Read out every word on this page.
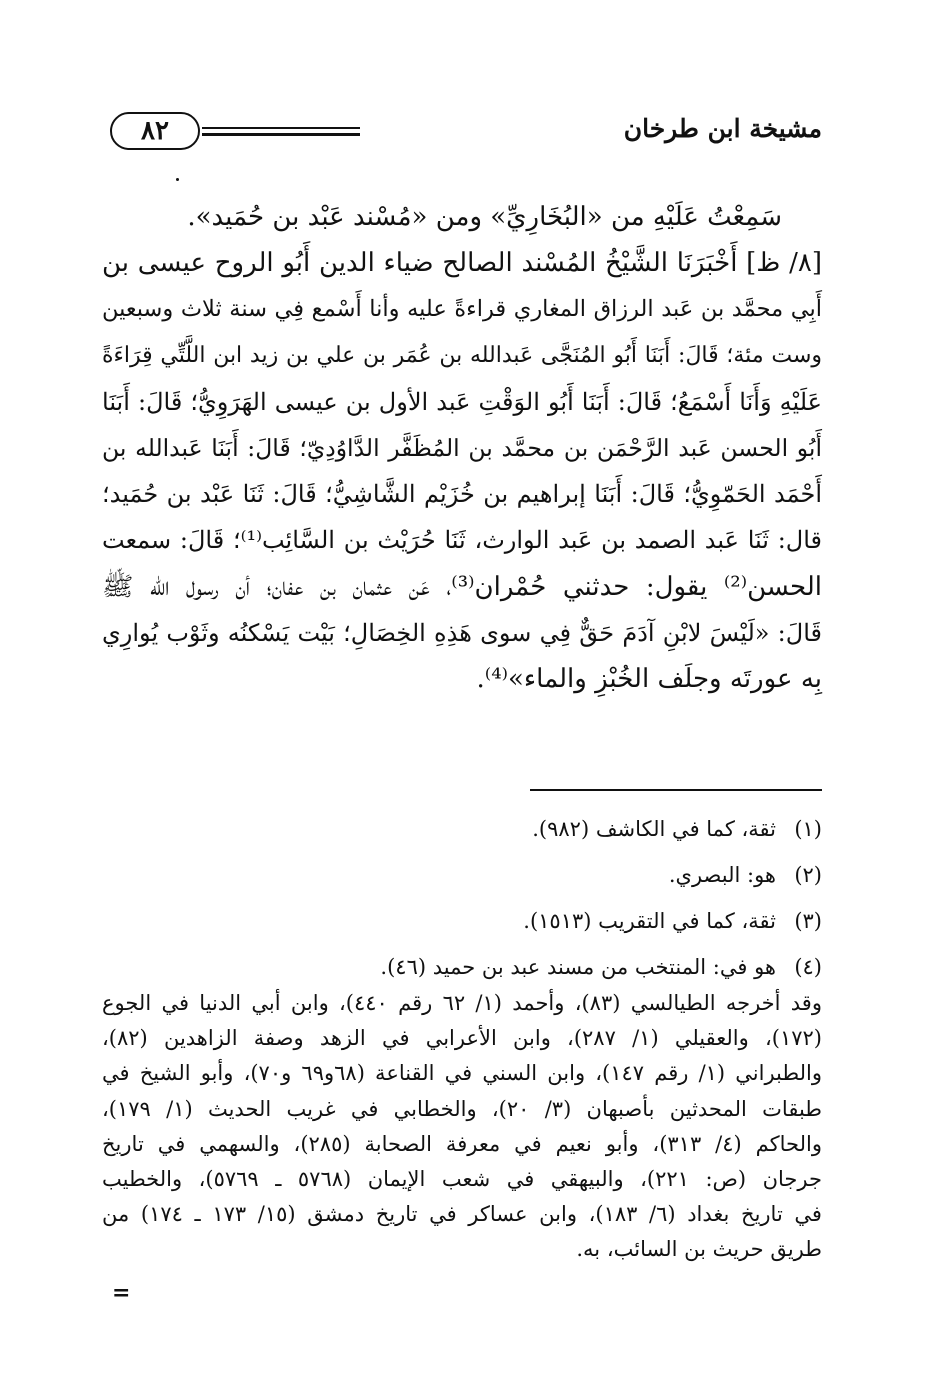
٨٢	مشيخة ابن طرخان
سَمِعْتُ عَلَيْهِ من «البُخَارِيِّ» ومن «مُسْند عَبْد بن حُمَيد».
[٨/ ظ] أَخْبَرَنَا الشَّيْخُ المُسْند الصالح ضياء الدين أَبُو الروح عيسى بن
أَبِي محمَّد بن عَبد الرزاق المغاري قراءةً عليه وأنا أَسْمع فِي سنة ثلاث وسبعين
وست مئة؛ قَالَ: أَبَنَا أَبُو المُنَجَّى عَبدالله بن عُمَر بن علي بن زيد ابن اللَّتِّي قِرَاءَةً
عَلَيْهِ وَأَنَا أَسْمَعُ؛ قَالَ: أَبَنَا أَبُو الوَقْتِ عَبد الأول بن عيسى الهَرَوِيُّ؛ قَالَ: أَبَنَا
أَبُو الحسن عَبد الرَّحْمَن بن محمَّد بن المُظَفَّر الدَّاوُدِيّ؛ قَالَ: أَبَنَا عَبدالله بن
أَحْمَد الحَمّوِيُّ؛ قَالَ: أَبَنَا إبراهيم بن خُزَيْم الشَّاشِيُّ؛ قَالَ: ثَنَا عَبْد بن حُمَيد؛
قال: ثَنَا عَبد الصمد بن عَبد الوارث، ثَنَا حُرَيْث بن السَّائِب⁽¹⁾؛ قَالَ: سمعت
الحسن⁽²⁾ يقول: حدثني حُمْران⁽³⁾، عَن عثمان بن عفان؛ أن رسول الله ﷺ
قَالَ: «لَيْسَ لابْنِ آدَمَ حَقٌّ فِي سوى هَذِهِ الخِصَالِ؛ بَيْت يَسْكنُه وثَوْب يُوارِي
بِه عورتَه وجلَف الخُبْزِ والماء»⁽⁴⁾.
(١)
ثقة، كما في الكاشف (٩٨٢).
(٢)
هو: البصري.
(٣)
ثقة، كما في التقريب (١٥١٣).
(٤)
هو في: المنتخب من مسند عبد بن حميد (٤٦).
وقد أخرجه الطيالسي (٨٣)، وأحمد (١/ ٦٢ رقم ٤٤٠)، وابن أبي الدنيا في الجوع
(١٧٢)، والعقيلي (١/ ٢٨٧)، وابن الأعرابي في الزهد وصفة الزاهدين (٨٢)،
والطبراني (١/ رقم ١٤٧)، وابن السني في القناعة (٦٨و٦٩ و٧٠)، وأبو الشيخ في
طبقات المحدثين بأصبهان (٣/ ٢٠)، والخطابي في غريب الحديث (١/ ١٧٩)،
والحاكم (٤/ ٣١٣)، وأبو نعيم في معرفة الصحابة (٢٨٥)، والسهمي في تاريخ
جرجان (ص: ٢٢١)، والبيهقي في شعب الإيمان (٥٧٦٨ ـ ٥٧٦٩)، والخطيب
في تاريخ بغداد (٦/ ١٨٣)، وابن عساكر في تاريخ دمشق (١٥/ ١٧٣ ـ ١٧٤) من
طريق حريث بن السائب، به.
=
